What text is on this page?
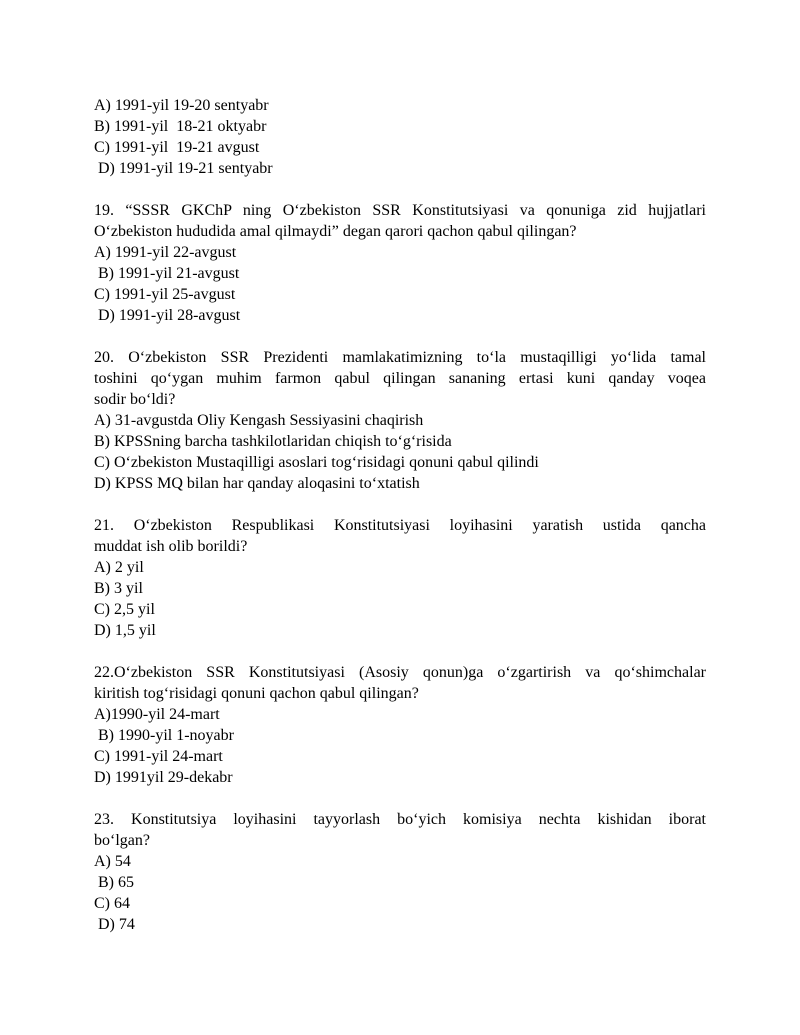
A) 1991-yil 19-20 sentyabr
B) 1991-yil  18-21 oktyabr
C) 1991-yil  19-21 avgust
D) 1991-yil 19-21 sentyabr
19. “SSSR GKChP ning O‘zbekiston SSR Konstitutsiyasi va qonuniga zid hujjatlari
O‘zbekiston hududida amal qilmaydi” degan qarori qachon qabul qilingan?
A) 1991-yil 22-avgust
B) 1991-yil 21-avgust
C) 1991-yil 25-avgust
D) 1991-yil 28-avgust
20. O‘zbekiston SSR Prezidenti mamlakatimizning to‘la mustaqilligi yo‘lida tamal
toshini qo‘ygan muhim farmon qabul qilingan sananing ertasi kuni qanday voqea
sodir bo‘ldi?
A) 31-avgustda Oliy Kengash Sessiyasini chaqirish
B) KPSSning barcha tashkilotlaridan chiqish to‘g‘risida
C) O‘zbekiston Mustaqilligi asoslari tog‘risidagi qonuni qabul qilindi
D) KPSS MQ bilan har qanday aloqasini to‘xtatish
21. O‘zbekiston Respublikasi Konstitutsiyasi loyihasini yaratish ustida qancha
muddat ish olib borildi?
A) 2 yil
B) 3 yil
C) 2,5 yil
D) 1,5 yil
22.O‘zbekiston SSR Konstitutsiyasi (Asosiy qonun)ga o‘zgartirish va qo‘shimchalar
kiritish tog‘risidagi qonuni qachon qabul qilingan?
A)1990-yil 24-mart
B) 1990-yil 1-noyabr
C) 1991-yil 24-mart
D) 1991yil 29-dekabr
23. Konstitutsiya loyihasini tayyorlash bo‘yich komisiya nechta kishidan iborat
bo‘lgan?
A) 54
B) 65
C) 64
D) 74
